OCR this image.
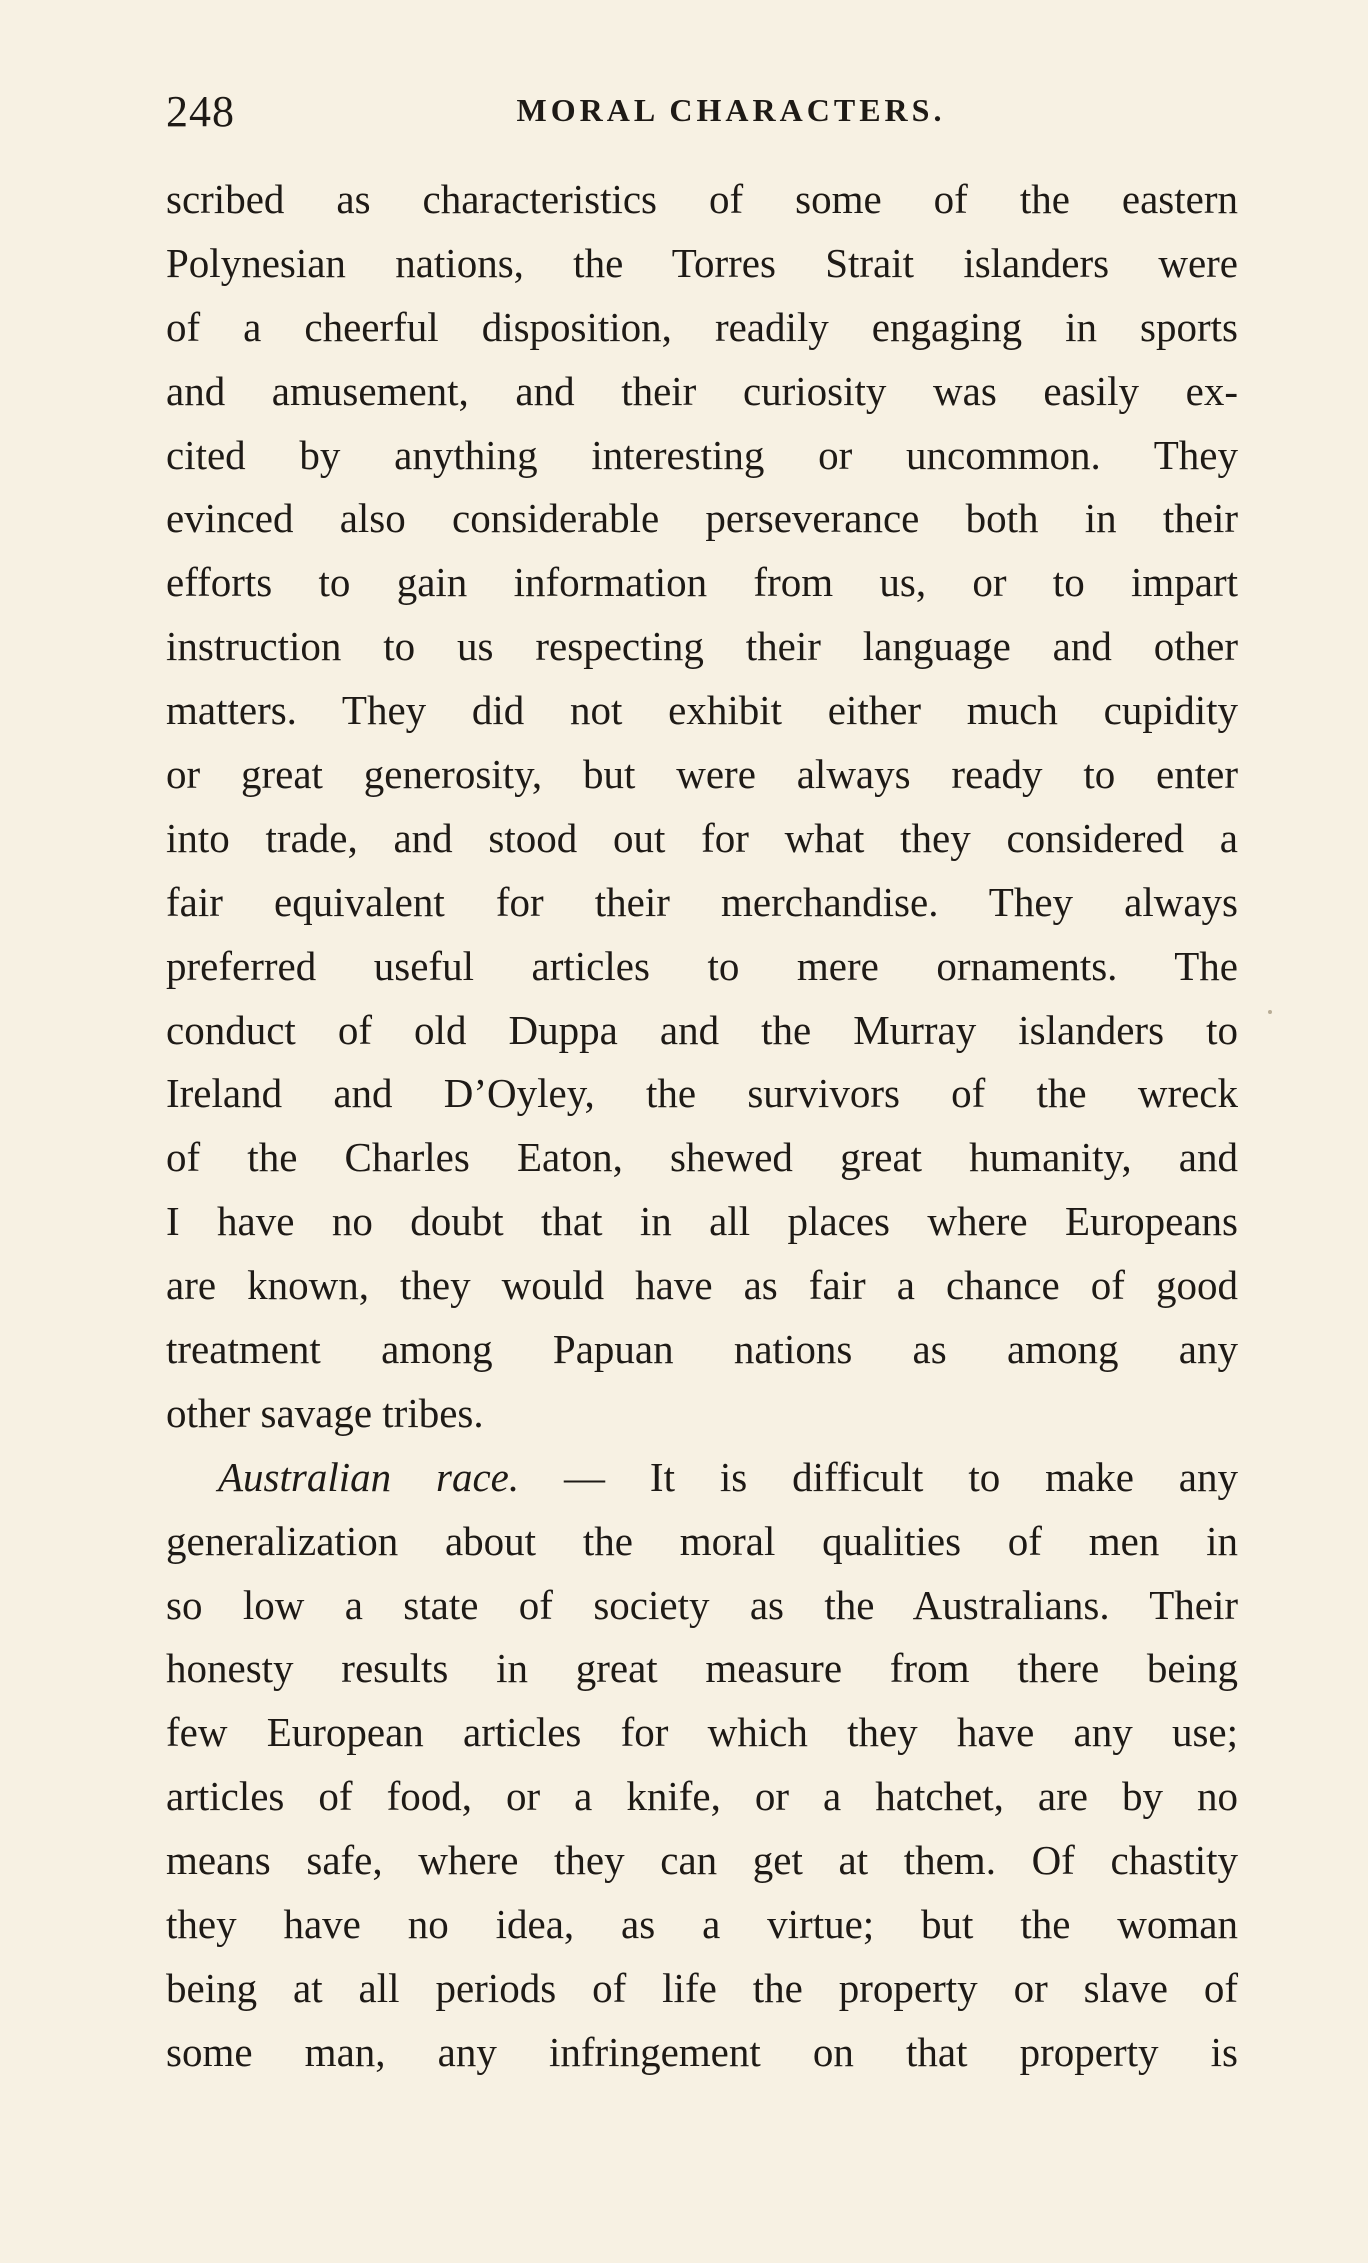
248	MORAL CHARACTERS.
scribed as characteristics of some of the eastern
Polynesian nations, the Torres Strait islanders were
of a cheerful disposition, readily engaging in sports
and amusement, and their curiosity was easily ex-
cited by anything interesting or uncommon. They
evinced also considerable perseverance both in their
efforts to gain information from us, or to impart
instruction to us respecting their language and other
matters. They did not exhibit either much cupidity
or great generosity, but were always ready to enter
into trade, and stood out for what they considered a
fair equivalent for their merchandise. They always
preferred useful articles to mere ornaments. The
conduct of old Duppa and the Murray islanders to
Ireland and D’Oyley, the survivors of the wreck
of the Charles Eaton, shewed great humanity, and
I have no doubt that in all places where Europeans
are known, they would have as fair a chance of good
treatment among Papuan nations as among any
other savage tribes.
Australian race. — It is difficult to make any
generalization about the moral qualities of men in
so low a state of society as the Australians. Their
honesty results in great measure from there being
few European articles for which they have any use;
articles of food, or a knife, or a hatchet, are by no
means safe, where they can get at them. Of chastity
they have no idea, as a virtue; but the woman
being at all periods of life the property or slave of
some man, any infringement on that property is
